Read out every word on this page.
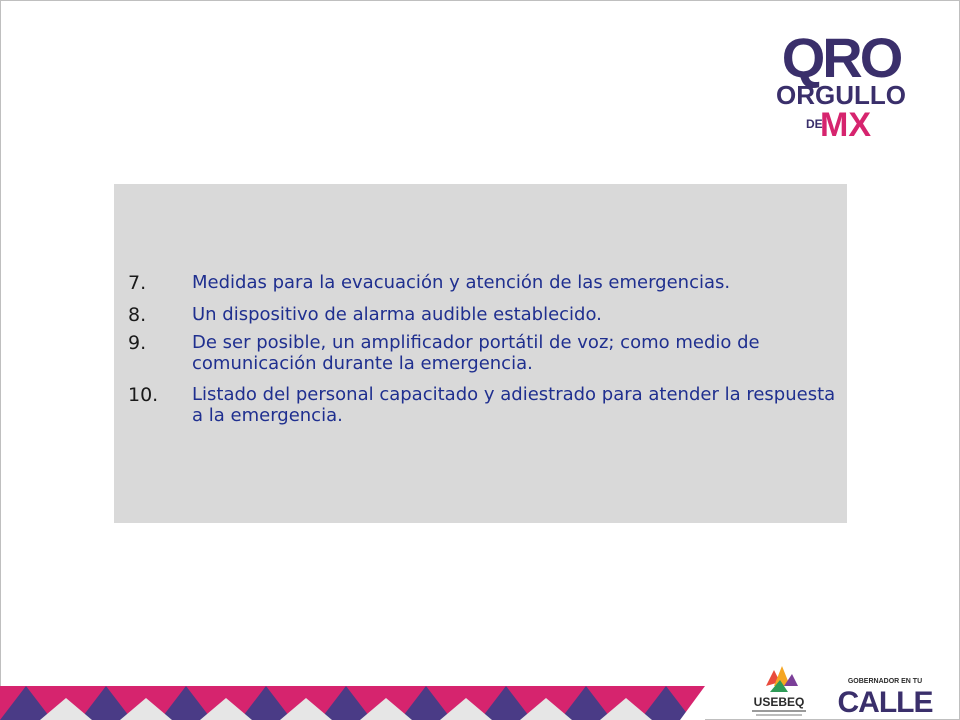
QRO
ORGULLO
DE
MX
7.	Medidas para la evacuación y atención de las emergencias.
8.	Un dispositivo de alarma audible establecido.
9.	De ser posible, un amplificador portátil de voz; como medio de comunicación durante la emergencia.
10. Listado del personal capacitado y adiestrado para atender la respuesta a la emergencia.
USEBEQ
GOBERNADOR EN TU
CALLE
